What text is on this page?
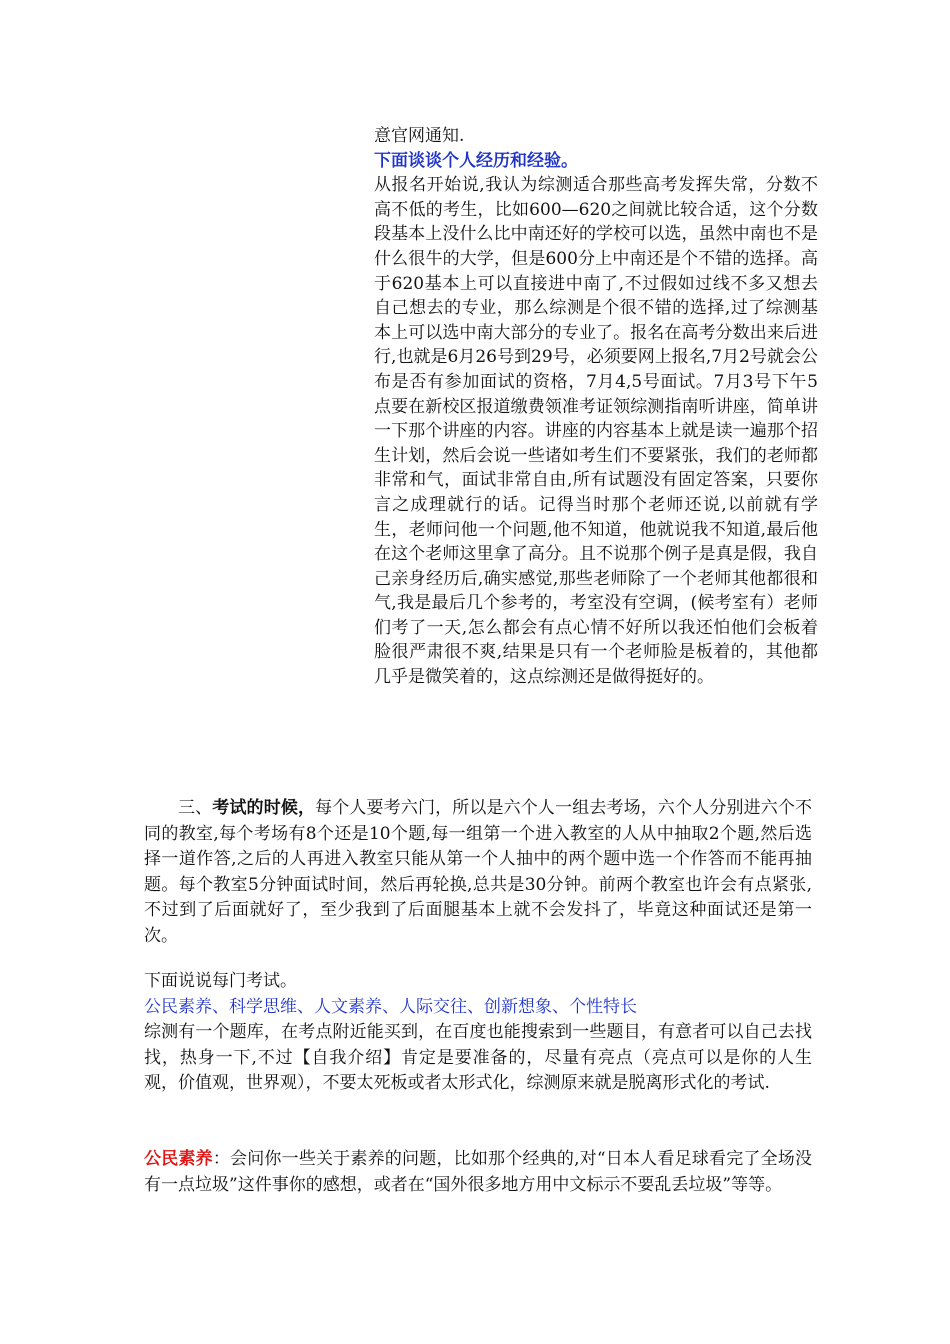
意官网通知.

下面谈谈个人经历和经验。

从报名开始说,我认为综测适合那些高考发挥失常，分数不高不低的考生，比如600—620之间就比较合适，这个分数段基本上没什么比中南还好的学校可以选，虽然中南也不是什么很牛的大学，但是600分上中南还是个不错的选择。高于620基本上可以直接进中南了,不过假如过线不多又想去自己想去的专业，那么综测是个很不错的选择,过了综测基本上可以选中南大部分的专业了。报名在高考分数出来后进行,也就是6月26号到29号，必须要网上报名,7月2号就会公布是否有参加面试的资格，7月4,5号面试。7月3号下午5点要在新校区报道缴费领准考证领综测指南听讲座，简单讲一下那个讲座的内容。讲座的内容基本上就是读一遍那个招生计划，然后会说一些诸如考生们不要紧张，我们的老师都非常和气，面试非常自由,所有试题没有固定答案，只要你言之成理就行的话。记得当时那个老师还说,以前就有学生，老师问他一个问题,他不知道，他就说我不知道,最后他在这个老师这里拿了高分。且不说那个例子是真是假，我自己亲身经历后,确实感觉,那些老师除了一个老师其他都很和气,我是最后几个参考的，考室没有空调，(候考室有）老师们考了一天,怎么都会有点心情不好所以我还怕他们会板着脸很严肃很不爽,结果是只有一个老师脸是板着的，其他都几乎是微笑着的，这点综测还是做得挺好的。

三、考试的时候，每个人要考六门，所以是六个人一组去考场，六个人分别进六个不同的教室,每个考场有8个还是10个题,每一组第一个进入教室的人从中抽取2个题,然后选择一道作答,之后的人再进入教室只能从第一个人抽中的两个题中选一个作答而不能再抽题。每个教室5分钟面试时间，然后再轮换,总共是30分钟。前两个教室也许会有点紧张,不过到了后面就好了，至少我到了后面腿基本上就不会发抖了，毕竟这种面试还是第一次。

下面说说每门考试。

公民素养、科学思维、人文素养、人际交往、创新想象、个性特长

综测有一个题库，在考点附近能买到，在百度也能搜索到一些题目，有意者可以自己去找找，热身一下,不过【自我介绍】肯定是要准备的，尽量有亮点（亮点可以是你的人生观，价值观，世界观），不要太死板或者太形式化，综测原来就是脱离形式化的考试.

公民素养：会问你一些关于素养的问题，比如那个经典的,对“日本人看足球看完了全场没有一点垃圾”这件事你的感想，或者在“国外很多地方用中文标示不要乱丢垃圾”等等。
